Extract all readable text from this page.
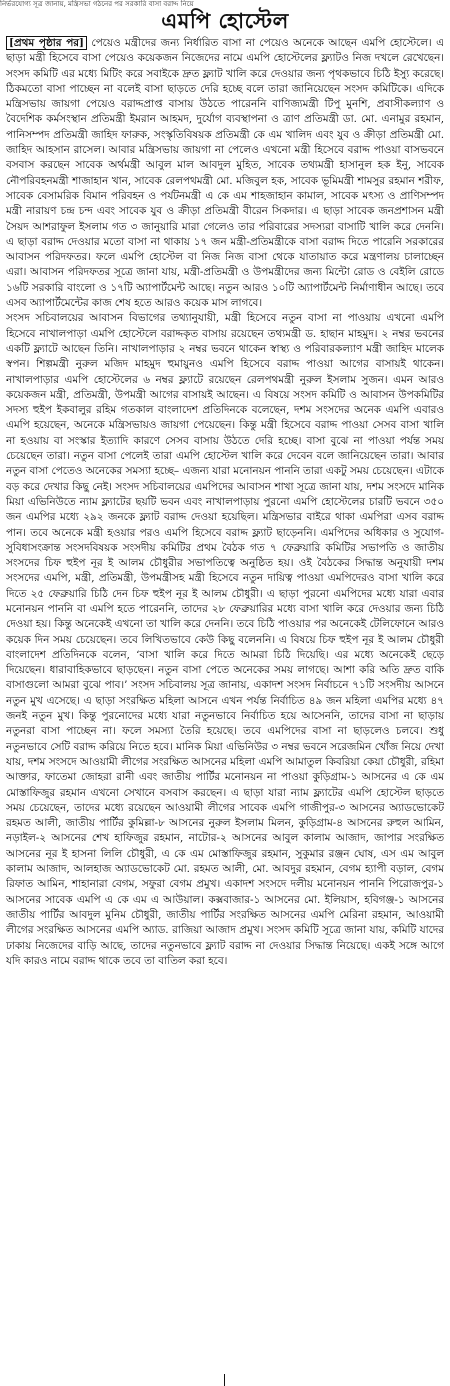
নির্ভরযোগ্য সূত্র জানায়, মন্ত্রিসভা গঠনের পর সরকারি বাসা বরাদ্দ নিয়ে
এমপি হোস্টেল

[প্রথম পৃষ্ঠার পর] পেয়েও মন্ত্রীদের জন্য নির্ধারিত বাসা না পেয়েও অনেকে আছেন এমপি হোস্টেলে। এ ছাড়া মন্ত্রী হিসেবে বাসা পেয়েও কয়েকজন নিজেদের নামে এমপি হোস্টেলের ফ্ল্যাটও নিজ দখলে রেখেছেন। সংসদ কমিটি এর মধ্যে মিটিং করে সবাইকে দ্রুত ফ্ল্যাট খালি করে দেওয়ার জন্য পৃথকভাবে চিঠি ইস্যু করেছে। ঠিকমতো বাসা পাচ্ছেন না বলেই বাসা ছাড়তে দেরি হচ্ছে বলে তারা জানিয়েছেন সংসদ কমিটিকে। এদিকে মন্ত্রিসভায় জায়গা পেয়েও বরাদ্দপ্রাপ্ত বাসায় উঠতে পারেননি বাণিজ্যমন্ত্রী টিপু মুনশি, প্রবাসীকল্যাণ ও বৈদেশিক কর্মসংস্থান প্রতিমন্ত্রী ইমরান আহমদ, দুর্যোগ ব্যবস্থাপনা ও ত্রাণ প্রতিমন্ত্রী ডা. মো. এনামুর রহমান, পানিসম্পদ প্রতিমন্ত্রী জাহিদ ফারুক, সংস্কৃতিবিষয়ক প্রতিমন্ত্রী কে এম খালিদ এবং যুব ও ক্রীড়া প্রতিমন্ত্রী মো. জাহিদ আহসান রাসেল। আবার মন্ত্রিসভায় জায়গা না পেলেও এখনো মন্ত্রী হিসেবে বরাদ্দ পাওয়া বাসভবনে বসবাস করছেন সাবেক অর্থমন্ত্রী আবুল মাল আবদুল মুহিত, সাবেক তথ্যমন্ত্রী হাসানুল হক ইনু, সাবেক নৌপরিবহনমন্ত্রী শাজাহান খান, সাবেক রেলপথমন্ত্রী মো. মজিবুল হক, সাবেক ভূমিমন্ত্রী শামসুর রহমান শরীফ, সাবেক বেসামরিক বিমান পরিবহন ও পর্যটনমন্ত্রী এ কে এম শাহজাহান কামাল, সাবেক মৎস্য ও প্রাণিসম্পদ মন্ত্রী নারায়ণ চন্দ্র চন্দ এবং সাবেক যুব ও ক্রীড়া প্রতিমন্ত্রী বীরেন সিকদার। এ ছাড়া সাবেক জনপ্রশাসন মন্ত্রী সৈয়দ আশরাফুল ইসলাম গত ৩ জানুয়ারি মারা গেলেও তার পরিবারের সদস্যরা বাসাটি খালি করে দেননি। এ ছাড়া বরাদ্দ দেওয়ার মতো বাসা না থাকায় ১৭ জন মন্ত্রী-প্রতিমন্ত্রীকে বাসা বরাদ্দ দিতে পারেনি সরকারের আবাসন পরিদফতর। ফলে এমপি হোস্টেল বা নিজ নিজ বাসা থেকে যাতায়াত করে মন্ত্রণালয় চালাচ্ছেন এরা। আবাসন পরিদফতর সূত্রে জানা যায়, মন্ত্রী-প্রতিমন্ত্রী ও উপমন্ত্রীদের জন্য মিন্টো রোড ও বেইলি রোডে ১৬টি সরকারি বাংলো ও ১৭টি অ্যাপার্টমেন্ট আছে। নতুন আরও ১০টি অ্যাপার্টমেন্ট নির্মাণাধীন আছে। তবে এসব অ্যাপার্টমেন্টের কাজ শেষ হতে আরও কয়েক মাস লাগবে।

সংসদ সচিবালয়ের আবাসন বিভাগের তথ্যানুযায়ী, মন্ত্রী হিসেবে নতুন বাসা না পাওয়ায় এখনো এমপি হিসেবে নাখালপাড়া এমপি হোস্টেলে বরাদ্দকৃত বাসায় রয়েছেন তথ্যমন্ত্রী ড. হাছান মাহমুদ। ২ নম্বর ভবনের একটি ফ্ল্যাটে আছেন তিনি। নাখালপাড়ার ২ নম্বর ভবনে থাকেন স্বাস্থ্য ও পরিবারকল্যাণ মন্ত্রী জাহিদ মালেক স্বপন। শিল্পমন্ত্রী নুরুল মজিদ মাহমুদ হুমায়ুনও এমপি হিসেবে বরাদ্দ পাওয়া আগের বাসায়ই থাকেন। নাখালপাড়ার এমপি হোস্টেলের ৬ নম্বর ফ্ল্যাটে রয়েছেন রেলপথমন্ত্রী নুরুল ইসলাম সুজন। এমন আরও কয়েকজন মন্ত্রী, প্রতিমন্ত্রী, উপমন্ত্রী আগের বাসায়ই আছেন। এ বিষয়ে সংসদ কমিটি ও আবাসন উপকমিটির সদস্য হুইপ ইকবালুর রহিম গতকাল বাংলাদেশ প্রতিদিনকে বলেছেন, দশম সংসদের অনেক এমপি এবারও এমপি হয়েছেন, অনেকে মন্ত্রিসভায়ও জায়গা পেয়েছেন। কিন্তু মন্ত্রী হিসেবে বরাদ্দ পাওয়া সেসব বাসা খালি না হওয়ায় বা সংস্কার ইত্যাদি কারণে সেসব বাসায় উঠতে দেরি হচ্ছে। বাসা বুঝে না পাওয়া পর্যন্ত সময় চেয়েছেন তারা। নতুন বাসা পেলেই তারা এমপি হোস্টেল খালি করে দেবেন বলে জানিয়েছেন তারা। আবার নতুন বাসা পেতেও অনেকের সমস্যা হচ্ছে– এজন্য যারা মনোনয়ন পাননি তারা একটু সময় চেয়েছেন। এটাকে বড় করে দেখার কিছু নেই। সংসদ সচিবালয়ের এমপিদের আবাসন শাখা সূত্রে জানা যায়, দশম সংসদে মানিক মিয়া এভিনিউতে ন্যাম ফ্ল্যাটের ছয়টি ভবন এবং নাখালপাড়ায় পুরনো এমপি হোস্টেলের চারটি ভবনে ৩৫০ জন এমপির মধ্যে ২৯২ জনকে ফ্ল্যাট বরাদ্দ দেওয়া হয়েছিল। মন্ত্রিসভার বাইরে থাকা এমপিরা এসব বরাদ্দ পান। তবে অনেকে মন্ত্রী হওয়ার পরও এমপি হিসেবে বরাদ্দ ফ্ল্যাট ছাড়েননি। এমপিদের অধিকার ও সুযোগ-সুবিধাসংক্রান্ত সংসদবিষয়ক সংসদীয় কমিটির প্রথম বৈঠক গত ৭ ফেব্রুয়ারি কমিটির সভাপতি ও জাতীয় সংসদের চিফ হুইপ নূর ই আলম চৌধুরীর সভাপতিত্বে অনুষ্ঠিত হয়। ওই বৈঠকের সিদ্ধান্ত অনুযায়ী দশম সংসদের এমপি, মন্ত্রী, প্রতিমন্ত্রী, উপমন্ত্রীসহ মন্ত্রী হিসেবে নতুন দায়িত্ব পাওয়া এমপিদেরও বাসা খালি করে দিতে ২৫ ফেব্রুয়ারি চিঠি দেন চিফ হুইপ নূর ই আলম চৌধুরী। এ ছাড়া পুরনো এমপিদের মধ্যে যারা এবার মনোনয়ন পাননি বা এমপি হতে পারেননি, তাদের ২৮ ফেব্রুয়ারির মধ্যে বাসা খালি করে দেওয়ার জন্য চিঠি দেওয়া হয়। কিন্তু অনেকেই এখনো তা খালি করে দেননি। তবে চিঠি পাওয়ার পর অনেকেই টেলিফোনে আরও কয়েক দিন সময় চেয়েছেন। তবে লিখিতভাবে কেউ কিছু বলেননি। এ বিষয়ে চিফ হুইপ নূর ই আলম চৌধুরী বাংলাদেশ প্রতিদিনকে বলেন, ‘বাসা খালি করে দিতে আমরা চিঠি দিয়েছি। এর মধ্যে অনেকেই ছেড়ে দিয়েছেন। ধারাবাহিকভাবে ছাড়ছেন। নতুন বাসা পেতে অনেকের সময় লাগছে। আশা করি অতি দ্রুত বাকি বাসাগুলো আমরা বুঝে পাব।’ সংসদ সচিবালয় সূত্র জানায়, একাদশ সংসদ নির্বাচনে ৭১টি সংসদীয় আসনে নতুন মুখ এসেছে। এ ছাড়া সংরক্ষিত মহিলা আসনে এখন পর্যন্ত নির্বাচিত ৪৯ জন মহিলা এমপির মধ্যে ৪৭ জনই নতুন মুখ। কিন্তু পুরনোদের মধ্যে যারা নতুনভাবে নির্বাচিত হয়ে আসেননি, তাদের বাসা না ছাড়ায় নতুনরা বাসা পাচ্ছেন না। ফলে সমস্যা তৈরি হয়েছে। তবে এমপিদের বাসা না ছাড়লেও চলবে। শুধু নতুনভাবে সেটি বরাদ্দ করিয়ে নিতে হবে। মানিক মিয়া এভিনিউর ৩ নম্বর ভবনে সরেজমিন খোঁজ নিয়ে দেখা যায়, দশম সংসদে আওয়ামী লীগের সংরক্ষিত আসনের মহিলা এমপি আমাতুল কিবরিয়া কেয়া চৌধুরী, রহিমা আক্তার, ফাতেমা জোহরা রানী এবং জাতীয় পার্টির মনোনয়ন না পাওয়া কুড়িগ্রাম-১ আসনের এ কে এম মোস্তাফিজুর রহমান এখনো সেখানে বসবাস করছেন। এ ছাড়া যারা ন্যাম ফ্ল্যাটের এমপি হোস্টেল ছাড়তে সময় চেয়েছেন, তাদের মধ্যে রয়েছেন আওয়ামী লীগের সাবেক এমপি গাজীপুর-৩ আসনের অ্যাডভোকেট রহমত আলী, জাতীয় পার্টির কুমিল্লা-৮ আসনের নুরুল ইসলাম মিলন, কুড়িগ্রাম-৪ আসনের রুহুল আমিন, নড়াইল-২ আসনের শেখ হাফিজুর রহমান, নাটোর-২ আসনের আবুল কালাম আজাদ, জাপার সংরক্ষিত আসনের নূর ই হাসনা লিলি চৌধুরী, এ কে এম মোস্তাফিজুর রহমান, সুকুমার রঞ্জন ঘোষ, এস এম আবুল কালাম আজাদ, আলহাজ অ্যাডভোকেট মো. রহমত আলী, মো. আবদুর রহমান, বেগম হ্যাপী বড়াল, বেগম রিফাত আমিন, শাহানারা বেগম, সফুরা বেগম প্রমুখ। একাদশ সংসদে দলীয় মনোনয়ন পাননি পিরোজপুর-১ আসনের সাবেক এমপি এ কে এম এ আউয়াল। কক্সবাজার-১ আসনের মো. ইলিয়াস, হবিগঞ্জ-১ আসনের জাতীয় পার্টির আবদুল মুনিম চৌধুরী, জাতীয় পার্টির সংরক্ষিত আসনের এমপি মেরিনা রহমান, আওয়ামী লীগের সংরক্ষিত আসনের এমপি অ্যাড. রাজিয়া আজাদ প্রমুখ। সংসদ কমিটি সূত্রে জানা যায়, কমিটি যাদের ঢাকায় নিজেদের বাড়ি আছে, তাদের নতুনভাবে ফ্ল্যাট বরাদ্দ না দেওয়ার সিদ্ধান্ত নিয়েছে। একই সঙ্গে আগে যদি কারও নামে বরাদ্দ থাকে তবে তা বাতিল করা হবে।
